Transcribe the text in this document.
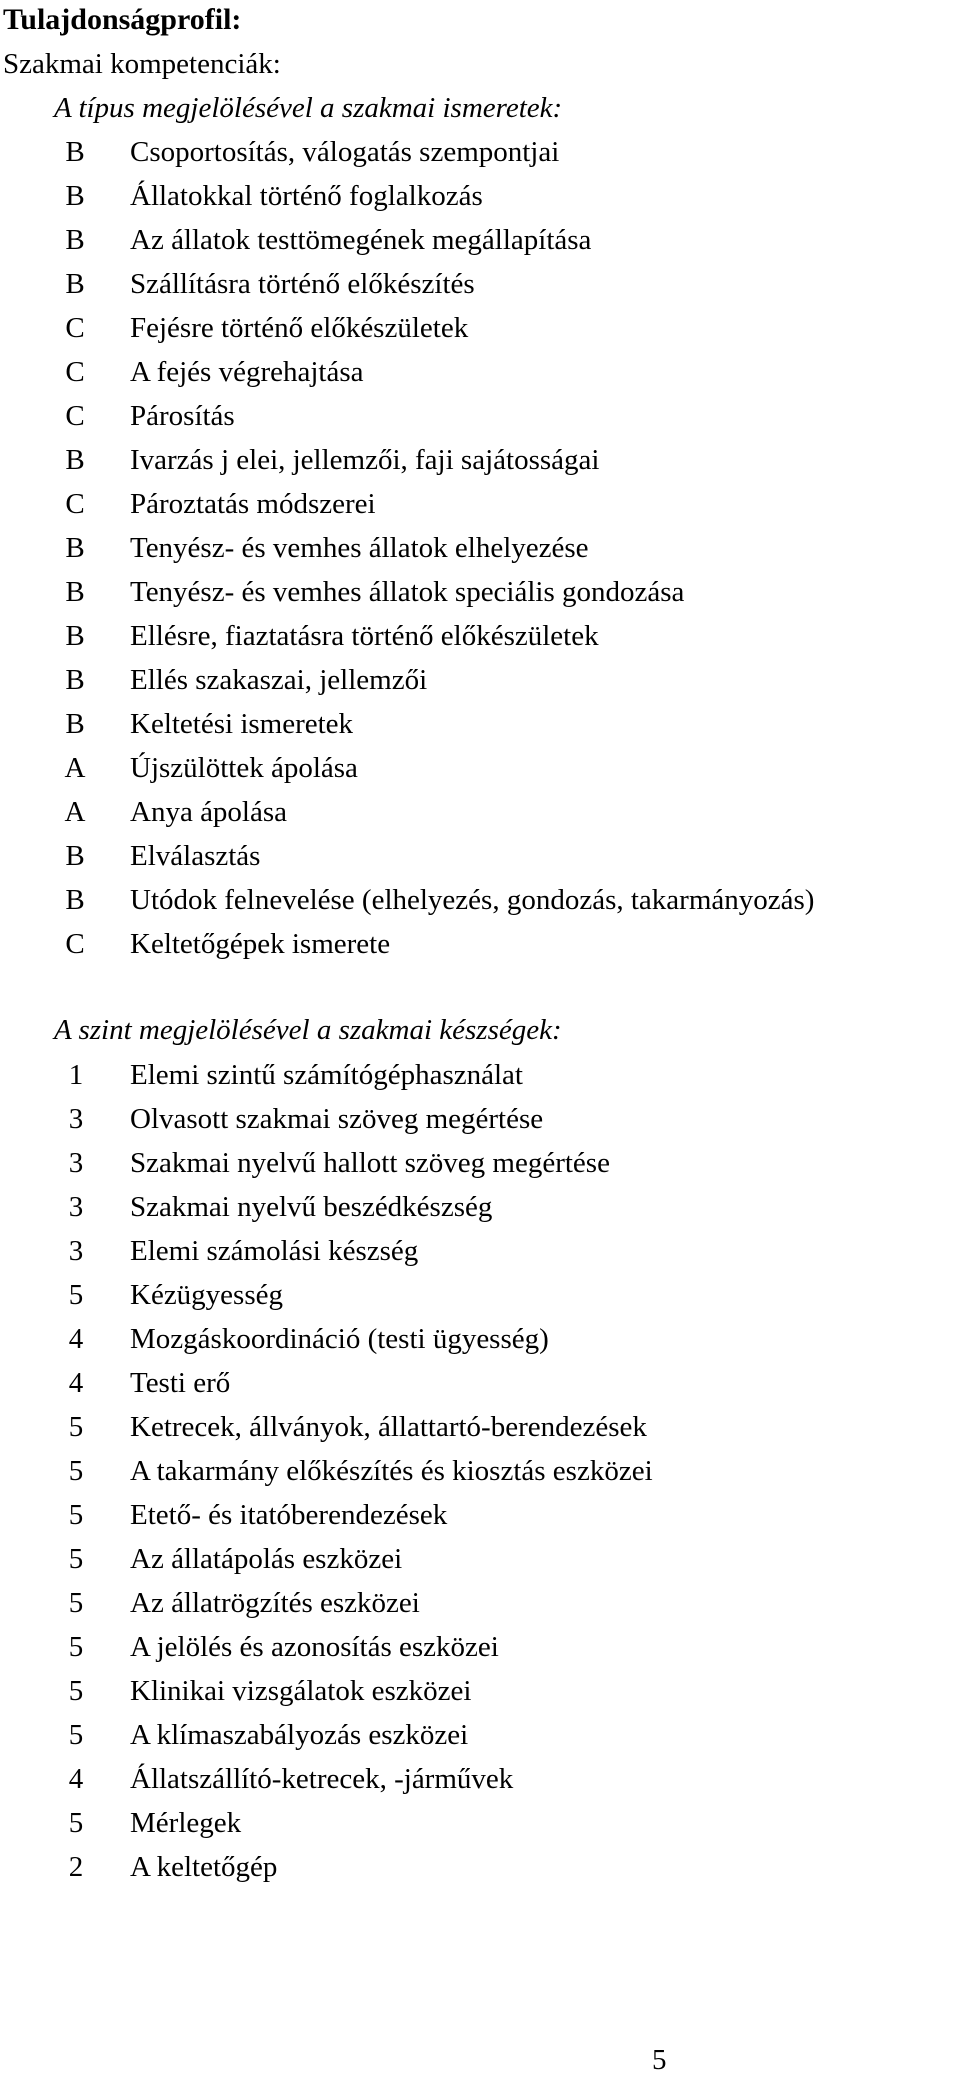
Tulajdonságprofil:
Szakmai kompetenciák:
A típus megjelölésével a szakmai ismeretek:
B Csoportosítás, válogatás szempontjai
B Állatokkal történő foglalkozás
B Az állatok testtömegének megállapítása
B Szállításra történő előkészítés
C Fejésre történő előkészületek
C A fejés végrehajtása
C Párosítás
B Ivarzás j elei, jellemzői, faji sajátosságai
C Pároztatás módszerei
B Tenyész- és vemhes állatok elhelyezése
B Tenyész- és vemhes állatok speciális gondozása
B Ellésre, fiaztatásra történő előkészületek
B Ellés szakaszai, jellemzői
B Keltetési ismeretek
A Újszülöttek ápolása
A Anya ápolása
B Elválasztás
B Utódok felnevelése (elhelyezés, gondozás, takarmányozás)
C Keltetőgépek ismerete
A szint megjelölésével a szakmai készségek:
1 Elemi szintű számítógéphasználat
3 Olvasott szakmai szöveg megértése
3 Szakmai nyelvű hallott szöveg megértése
3 Szakmai nyelvű beszédkészség
3 Elemi számolási készség
5 Kézügyesség
4 Mozgáskoordináció (testi ügyesség)
4 Testi erő
5 Ketrecek, állványok, állattartó-berendezések
5 A takarmány előkészítés és kiosztás eszközei
5 Etető- és itatóberendezések
5 Az állatápolás eszközei
5 Az állatrögzítés eszközei
5 A jelölés és azonosítás eszközei
5 Klinikai vizsgálatok eszközei
5 A klímaszabályozás eszközei
4 Állatszállító-ketrecek, -járművek
5 Mérlegek
2 A keltetőgép
5
